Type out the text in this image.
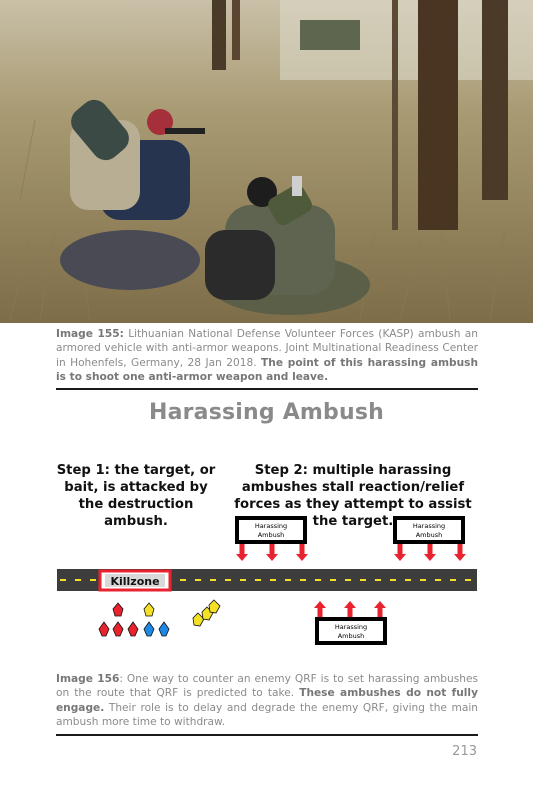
Image 155: Lithuanian National Defense Volunteer Forces (KASP) ambush an armored vehicle with anti-armor weapons. Joint Multinational Readiness Center in Hohenfels, Germany, 28 Jan 2018. The point of this harassing ambush is to shoot one anti-armor weapon and leave.

Harassing Ambush
Step 1: the target, or bait, is attacked by the destruction ambush.
Step 2: multiple harassing ambushes stall reaction/relief forces as they attempt to assist the target.
Harassing
Ambush
Harassing
Ambush
Killzone
Harassing
Ambush

Image 156: One way to counter an enemy QRF is to set harassing ambushes on the route that QRF is predicted to take. These ambushes do not fully engage. Their role is to delay and degrade the enemy QRF, giving the main ambush more time to withdraw.

213
